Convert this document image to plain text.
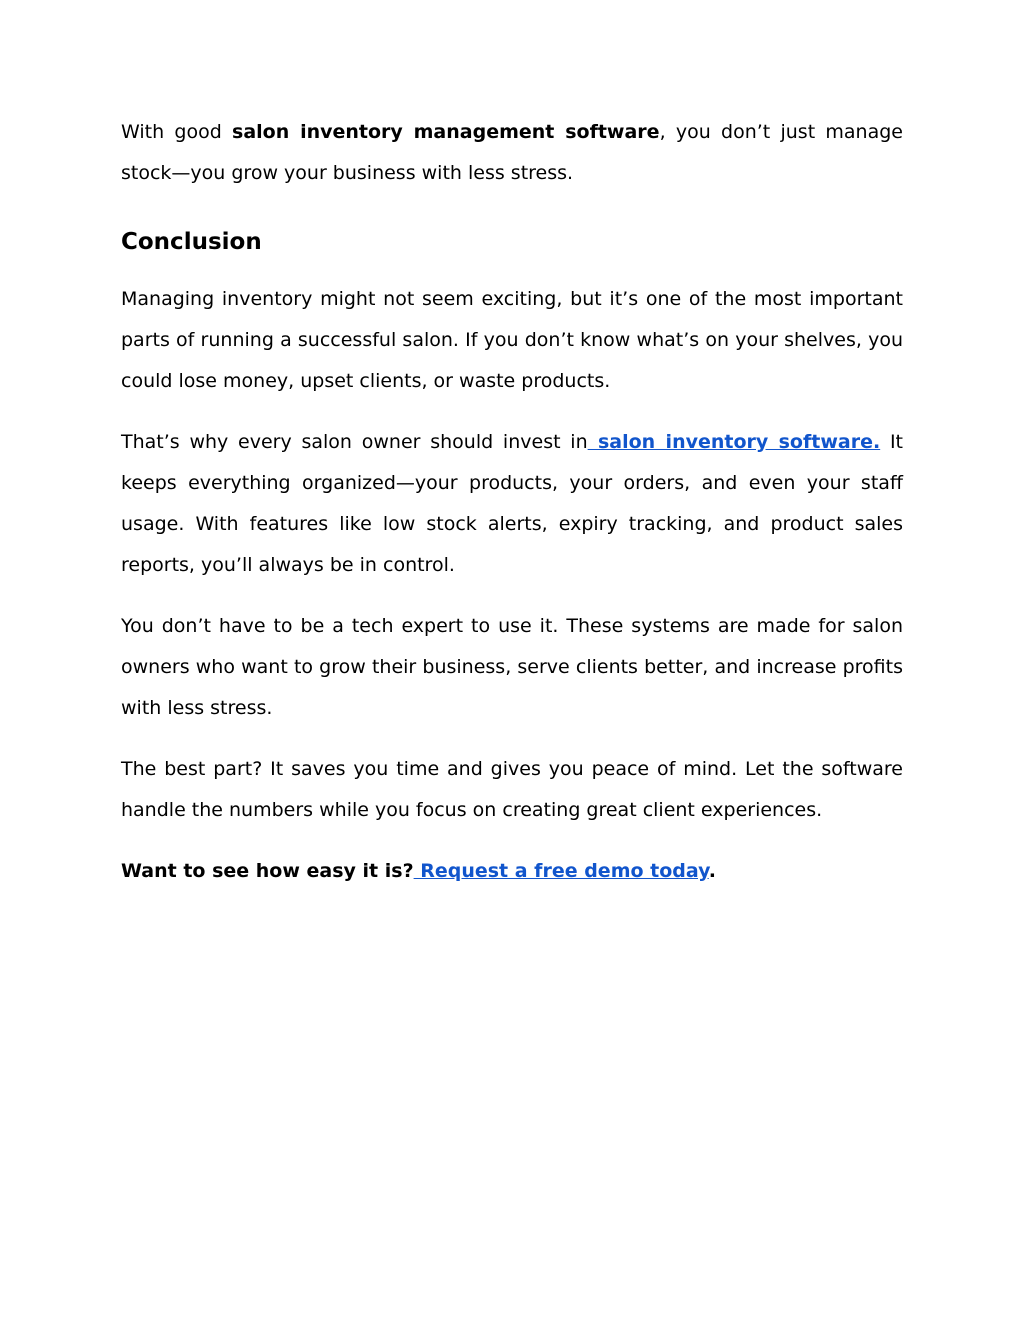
With good salon inventory management software, you don’t just manage stock—you grow your business with less stress.

Conclusion

Managing inventory might not seem exciting, but it’s one of the most important parts of running a successful salon. If you don’t know what’s on your shelves, you could lose money, upset clients, or waste products.

That’s why every salon owner should invest in salon inventory software. It keeps everything organized—your products, your orders, and even your staff usage. With features like low stock alerts, expiry tracking, and product sales reports, you’ll always be in control.

You don’t have to be a tech expert to use it. These systems are made for salon owners who want to grow their business, serve clients better, and increase profits with less stress.

The best part? It saves you time and gives you peace of mind. Let the software handle the numbers while you focus on creating great client experiences.

Want to see how easy it is? Request a free demo today.
